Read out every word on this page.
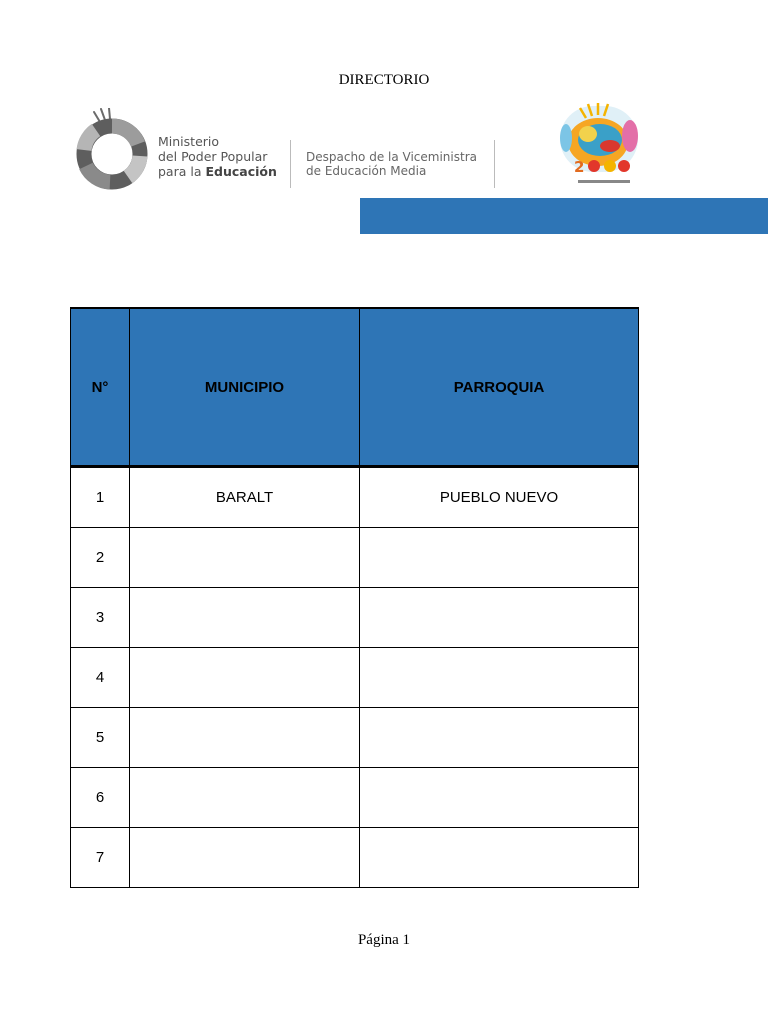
DIRECTORIO
Ministerio
del Poder Popular
para la Educación
Despacho de la Viceministra
de Educación Media	2
N°	MUNICIPIO	PARROQUIA
1	BARALT	PUEBLO NUEVO
2		
3		
4		
5		
6		
7		
Página 1
